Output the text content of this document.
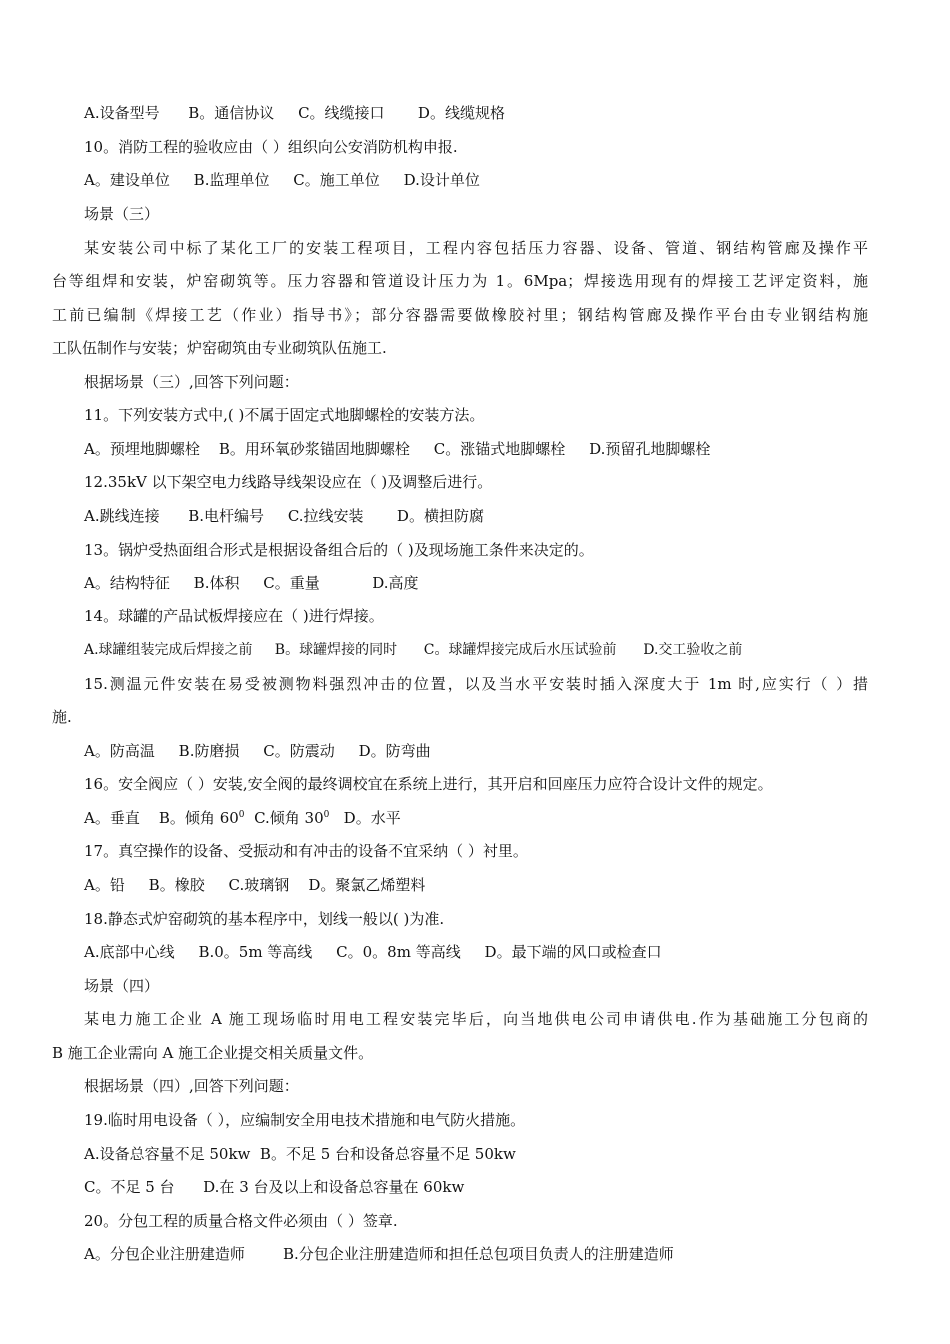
A.设备型号      B。通信协议     C。线缆接口       D。线缆规格
10。消防工程的验收应由（ ）组织向公安消防机构申报.
A。建设单位     B.监理单位     C。施工单位     D.设计单位
场景（三）
某安装公司中标了某化工厂的安装工程项目，工程内容包括压力容器、设备、管道、钢结构管廊及操作平
台等组焊和安装，炉窑砌筑等。压力容器和管道设计压力为 1。6Mpa；焊接选用现有的焊接工艺评定资料，施
工前已编制《焊接工艺（作业）指导书》；部分容器需要做橡胶衬里；钢结构管廊及操作平台由专业钢结构施
工队伍制作与安装；炉窑砌筑由专业砌筑队伍施工.
根据场景（三）,回答下列问题：
11。下列安装方式中,( )不属于固定式地脚螺栓的安装方法。
A。预埋地脚螺栓    B。用环氧砂浆锚固地脚螺栓     C。涨锚式地脚螺栓     D.预留孔地脚螺栓
12.35kV 以下架空电力线路导线架设应在（ )及调整后进行。
A.跳线连接      B.电杆编号     C.拉线安装       D。横担防腐
13。锅炉受热面组合形式是根据设备组合后的（ )及现场施工条件来决定的。
A。结构特征     B.体积     C。重量           D.高度
14。球罐的产品试板焊接应在（ )进行焊接。
A.球罐组装完成后焊接之前     B。球罐焊接的同时      C。球罐焊接完成后水压试验前      D.交工验收之前
15.测温元件安装在易受被测物料强烈冲击的位置，以及当水平安装时插入深度大于 1m 时,应实行（ ）措
施.
A。防高温     B.防磨损     C。防震动     D。防弯曲
16。安全阀应（ ）安装,安全阀的最终调校宜在系统上进行，其开启和回座压力应符合设计文件的规定。
A。垂直    B。倾角 $60^0$  C.倾角 $30^0$   D。水平
17。真空操作的设备、受振动和有冲击的设备不宜采纳（ ）衬里。
A。铅     B。橡胶     C.玻璃钢    D。聚氯乙烯塑料
18.静态式炉窑砌筑的基本程序中，划线一般以( )为准.
A.底部中心线     B.0。5m 等高线     C。0。8m 等高线     D。最下端的风口或检查口
场景（四）
某电力施工企业 A 施工现场临时用电工程安装完毕后，向当地供电公司申请供电.作为基础施工分包商的
B 施工企业需向 A 施工企业提交相关质量文件。
根据场景（四）,回答下列问题：
19.临时用电设备（ ），应编制安全用电技术措施和电气防火措施。
A.设备总容量不足 50kw  B。不足 5 台和设备总容量不足 50kw
C。不足 5 台      D.在 3 台及以上和设备总容量在 60kw
20。分包工程的质量合格文件必须由（ ）签章.
A。分包企业注册建造师        B.分包企业注册建造师和担任总包项目负责人的注册建造师
